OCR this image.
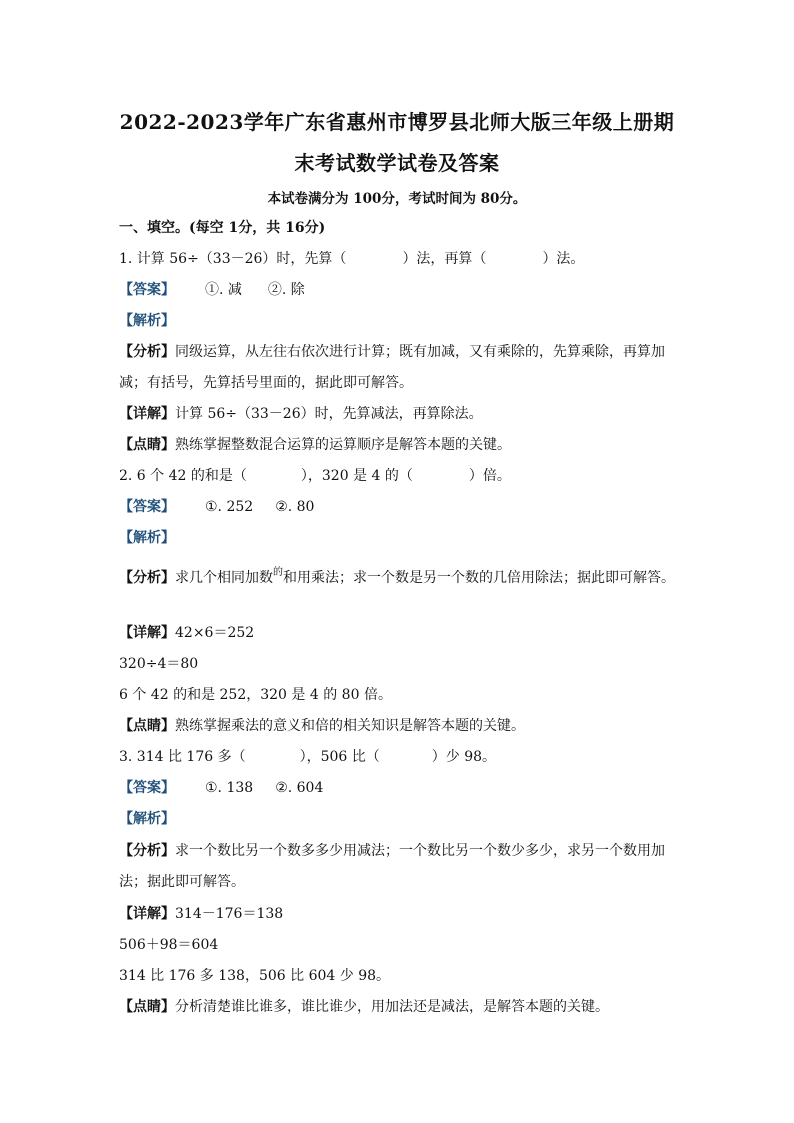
2022-2023学年广东省惠州市博罗县北师大版三年级上册期
末考试数学试卷及答案
本试卷满分为 100分，考试时间为 80分。
一、填空。(每空 1分，共 16分)
1. 计算 56÷（33－26）时，先算（	）法，再算（	）法。
【答案】 ①. 减 ②. 除
【解析】
【分析】同级运算，从左往右依次进行计算；既有加减，又有乘除的，先算乘除，再算加
减；有括号，先算括号里面的，据此即可解答。
【详解】计算 56÷（33－26）时，先算减法，再算除法。
【点睛】熟练掌握整数混合运算的运算顺序是解答本题的关键。
2. 6 个 42 的和是（	），320 是 4 的（	）倍。
【答案】 ①. 252 ②. 80
【解析】
【分析】求几个相同加数$^的$和用乘法；求一个数是另一个数的几倍用除法；据此即可解答。
【详解】42×6＝252
320÷4＝80
6 个 42 的和是 252，320 是 4 的 80 倍。
【点睛】熟练掌握乘法的意义和倍的相关知识是解答本题的关键。
3. 314 比 176 多（	），506 比（	）少 98。
【答案】 ①. 138 ②. 604
【解析】
【分析】求一个数比另一个数多多少用减法；一个数比另一个数少多少，求另一个数用加
法；据此即可解答。
【详解】314－176＝138
506＋98＝604
314 比 176 多 138，506 比 604 少 98。
【点睛】分析清楚谁比谁多，谁比谁少，用加法还是减法，是解答本题的关键。
